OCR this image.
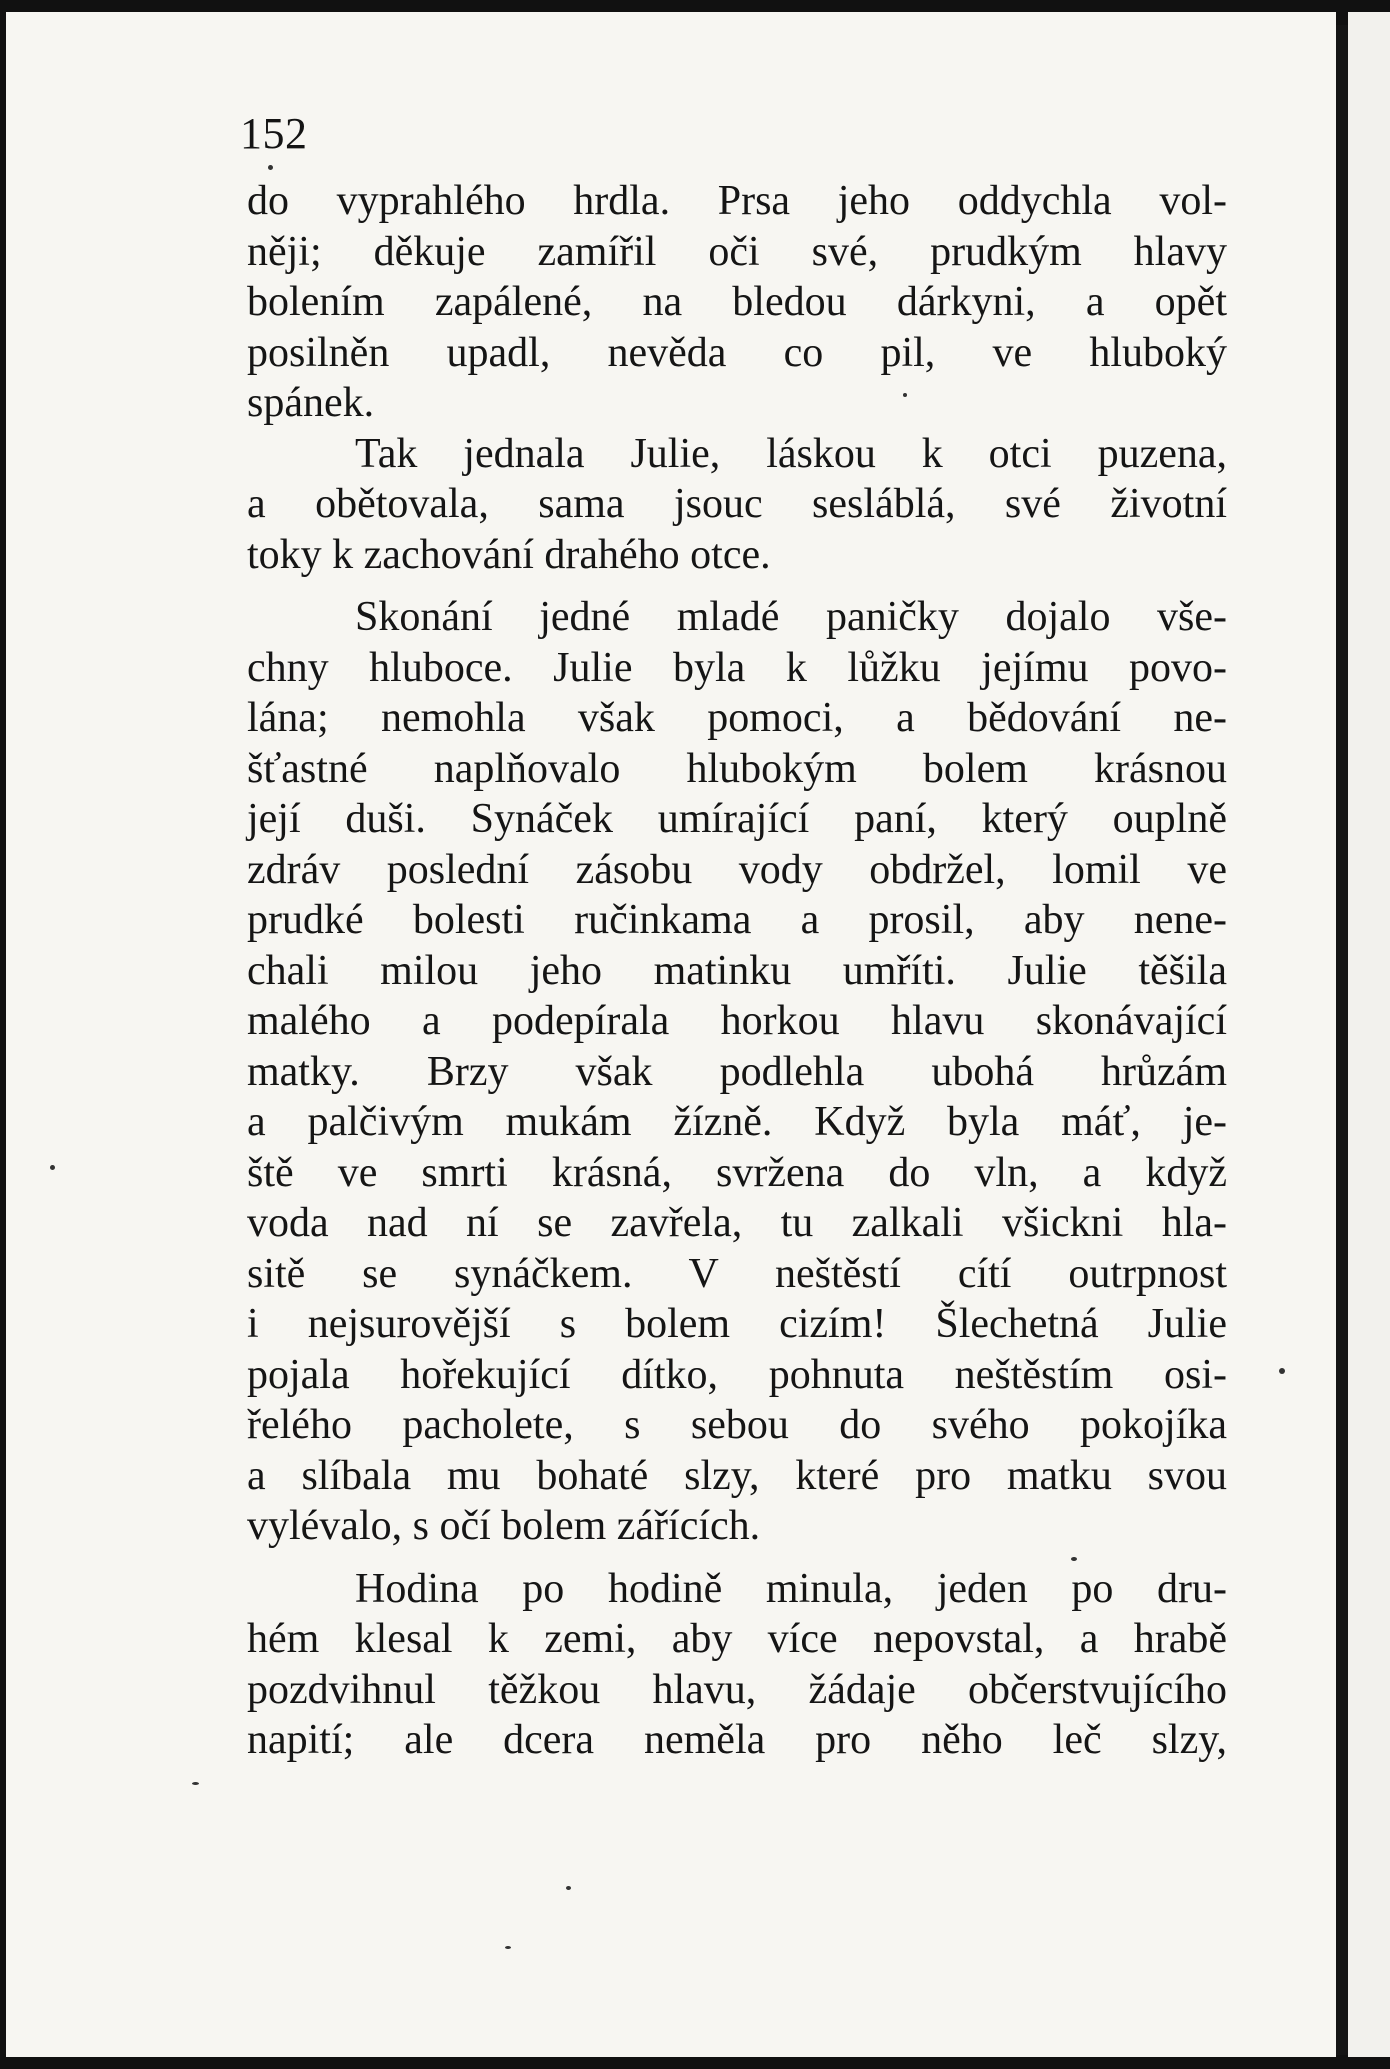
152
do vyprahlého hrdla. Prsa jeho oddychla vol-
něji; děkuje zamířil oči své, prudkým hlavy
bolením zapálené, na bledou dárkyni, a opět
posilněn upadl, nevěda co pil, ve hluboký
spánek.
Tak jednala Julie, láskou k otci puzena,
a obětovala, sama jsouc sesláblá, své životní
toky k zachování drahého otce.
Skonání jedné mladé paničky dojalo vše-
chny hluboce. Julie byla k lůžku jejímu povo-
lána; nemohla však pomoci, a bědování ne-
šťastné naplňovalo hlubokým bolem krásnou
její duši. Synáček umírající paní, který ouplně
zdráv poslední zásobu vody obdržel, lomil ve
prudké bolesti ručinkama a prosil, aby nene-
chali milou jeho matinku umříti. Julie těšila
malého a podepírala horkou hlavu skonávající
matky. Brzy však podlehla ubohá hrůzám
a palčivým mukám žízně. Když byla máť, je-
ště ve smrti krásná, svržena do vln, a když
voda nad ní se zavřela, tu zalkali všickni hla-
sitě se synáčkem. V neštěstí cítí outrpnost
i nejsurovější s bolem cizím! Šlechetná Julie
pojala hořekující dítko, pohnuta neštěstím osi-
řelého pacholete, s sebou do svého pokojíka
a slíbala mu bohaté slzy, které pro matku svou
vylévalo, s očí bolem zářících.
Hodina po hodině minula, jeden po dru-
hém klesal k zemi, aby více nepovstal, a hrabě
pozdvihnul těžkou hlavu, žádaje občerstvujícího
napití; ale dcera neměla pro něho leč slzy,
